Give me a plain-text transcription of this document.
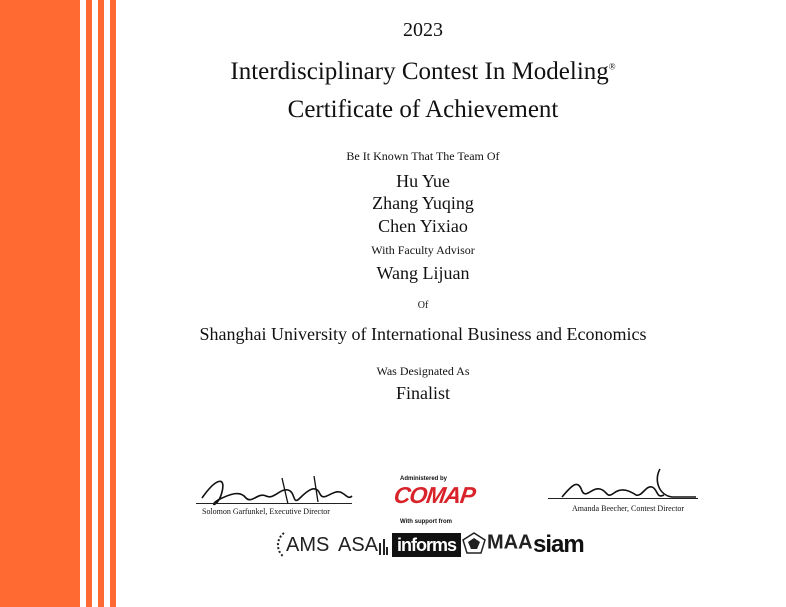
2023
Interdisciplinary Contest In Modeling®
Certificate of Achievement
Be It Known That The Team Of
Hu Yue
Zhang Yuqing
Chen Yixiao
With Faculty Advisor
Wang Lijuan
Of
Shanghai University of International Business and Economics
Was Designated As
Finalist
Solomon Garfunkel, Executive Director	Amanda Beecher, Contest Director
Administered by
COMAP
With support from
AMS ASA	informs	MAA siam
